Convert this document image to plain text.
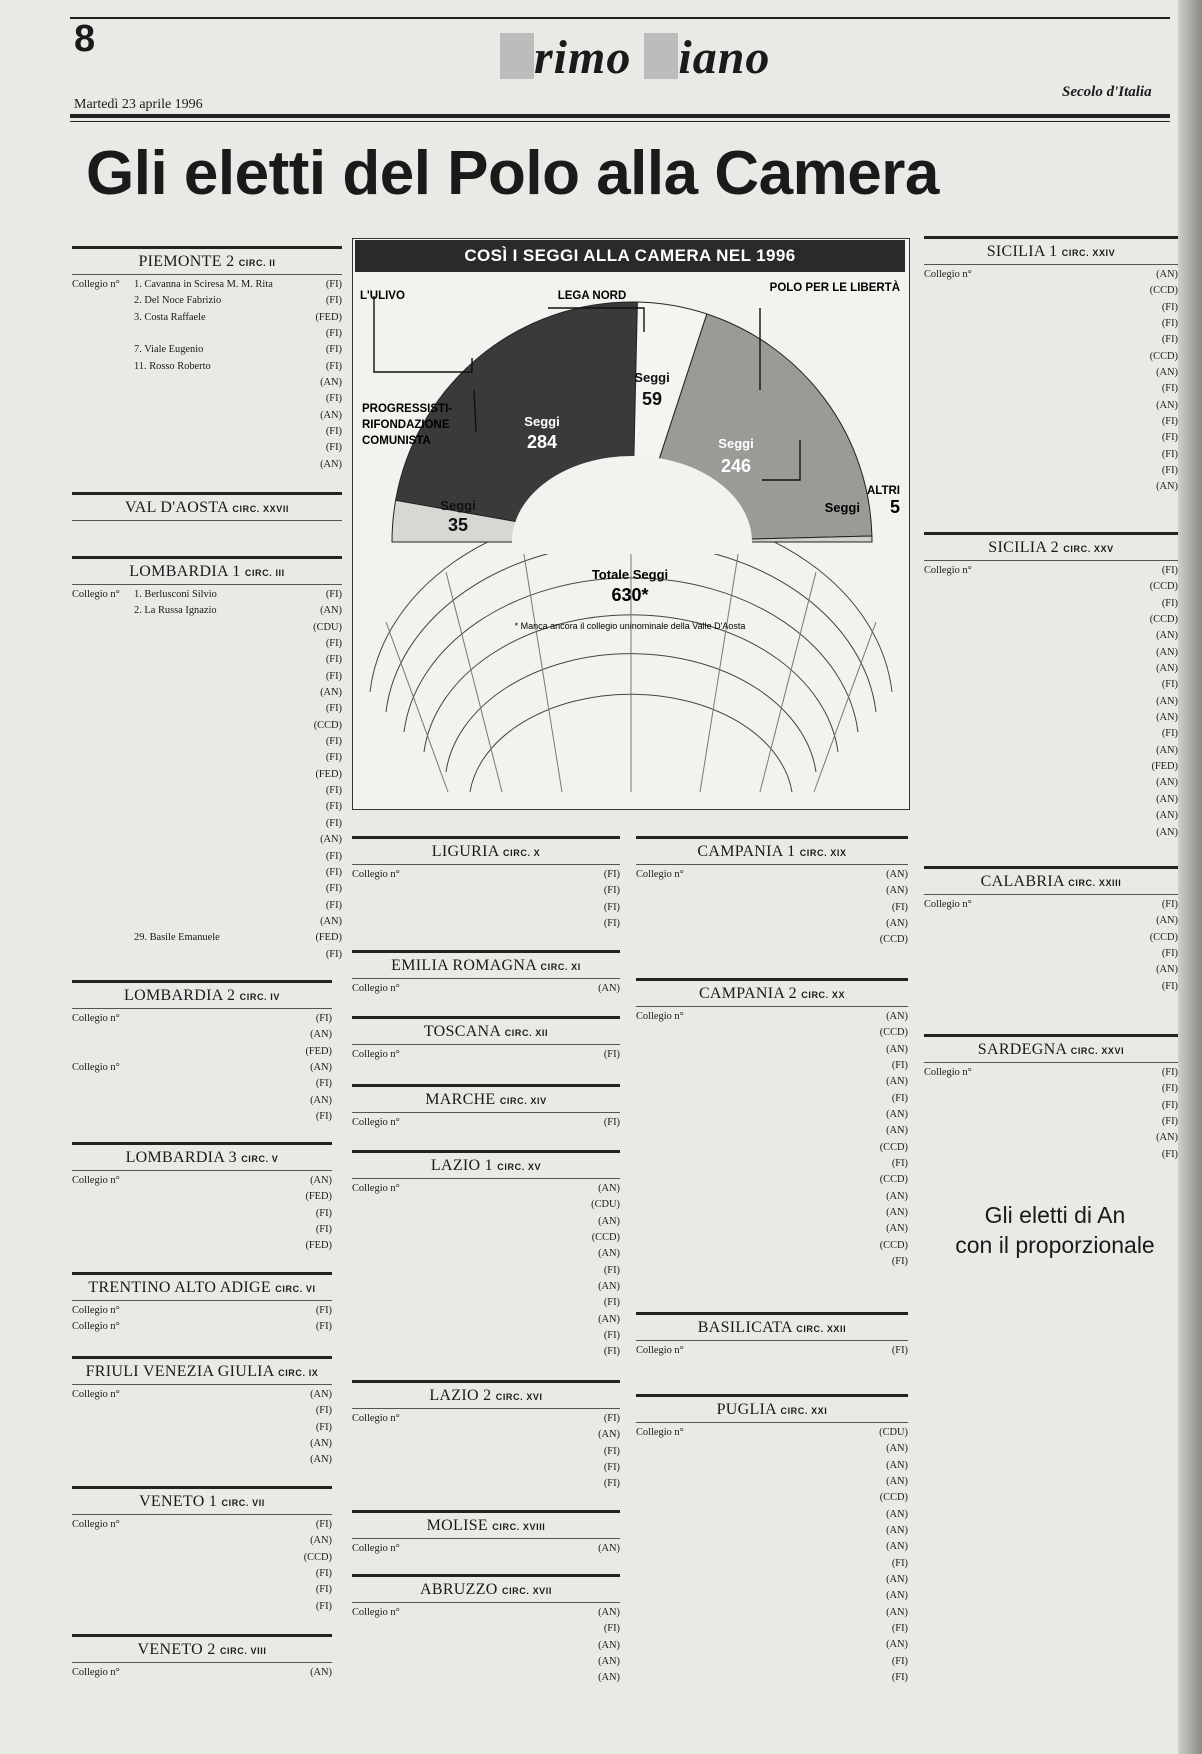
8	rimo iano
Martedì 23 aprile 1996
Secolo d'Italia
Gli eletti del Polo alla Camera
COSÌ I SEGGI ALLA CAMERA NEL 1996
L'ULIVO	LEGA NORD
POLO PER LE LIBERTÀ
PROGRESSISTI-
RIFONDAZIONE
COMUNISTA
ALTRI
Seggi
284
Seggi
59
Seggi
246
Seggi
35
Seggi 5
Totale Seggi
630*
* Manca ancora il collegio uninominale della Valle D'Aosta
PIEMONTE 2 CIRC. II
Collegio n°	1. Cavanna in Sciresa M. M. Rita	(FI)
2. Del Noce Fabrizio	(FI)
3. Costa Raffaele	(FED)
(FI)
7. Viale Eugenio	(FI)
11. Rosso Roberto	(FI)
(AN)
(FI)
(AN)
(FI)
(FI)
(AN)
VAL D'AOSTA CIRC. XXVII

LOMBARDIA 1 CIRC. III
Collegio n°	1. Berlusconi Silvio	(FI)
2. La Russa Ignazio	(AN)
(CDU)
(FI)
(FI)
(FI)
(AN)
(FI)
(CCD)
(FI)
(FI)
(FED)
(FI)
(FI)
(FI)
(AN)
(FI)
(FI)
(FI)
(FI)
(AN)
29. Basile Emanuele	(FED)
(FI)
LOMBARDIA 2 CIRC. IV
Collegio n°	(FI)
(AN)
(FED)
Collegio n°	(AN)
(FI)
(AN)
(FI)
LOMBARDIA 3 CIRC. V
Collegio n°	(AN)
(FED)
(FI)
(FI)
(FED)
TRENTINO ALTO ADIGE CIRC. VI
Collegio n°	(FI)
Collegio n°	(FI)
FRIULI VENEZIA GIULIA CIRC. IX
Collegio n°	(AN)
(FI)
(FI)
(AN)
(AN)
VENETO 1 CIRC. VII
Collegio n°	(FI)
(AN)
(CCD)
(FI)
(FI)
(FI)
VENETO 2 CIRC. VIII
Collegio n°	(AN)
LIGURIA CIRC. X
Collegio n°	(FI)
(FI)
(FI)
(FI)
EMILIA ROMAGNA CIRC. XI
Collegio n°	(AN)
TOSCANA CIRC. XII
Collegio n°	(FI)
MARCHE CIRC. XIV
Collegio n°	(FI)
LAZIO 1 CIRC. XV
Collegio n°	(AN)
(CDU)
(AN)
(CCD)
(AN)
(FI)
(AN)
(FI)
(AN)
(FI)
(FI)
LAZIO 2 CIRC. XVI
Collegio n°	(FI)
(AN)
(FI)
(FI)
(FI)
MOLISE CIRC. XVIII
Collegio n°	(AN)
ABRUZZO CIRC. XVII
Collegio n°	(AN)
(FI)
(AN)
(AN)
(AN)
CAMPANIA 1 CIRC. XIX
Collegio n°	(AN)
(AN)
(FI)
(AN)
(CCD)
CAMPANIA 2 CIRC. XX
Collegio n°	(AN)
(CCD)
(AN)
(FI)
(AN)
(FI)
(AN)
(AN)
(CCD)
(FI)
(CCD)
(AN)
(AN)
(AN)
(CCD)
(FI)
BASILICATA CIRC. XXII
Collegio n°	(FI)
PUGLIA CIRC. XXI
Collegio n°	(CDU)
(AN)
(AN)
(AN)
(CCD)
(AN)
(AN)
(AN)
(FI)
(AN)
(AN)
(AN)
(FI)
(AN)
(FI)
(FI)
SICILIA 1 CIRC. XXIV
Collegio n°	(AN)
(CCD)
(FI)
(FI)
(FI)
(CCD)
(AN)
(FI)
(AN)
(FI)
(FI)
(FI)
(FI)
(AN)
SICILIA 2 CIRC. XXV
Collegio n°	(FI)
(CCD)
(FI)
(CCD)
(AN)
(AN)
(AN)
(FI)
(AN)
(AN)
(FI)
(AN)
(FED)
(AN)
(AN)
(AN)
(AN)
CALABRIA CIRC. XXIII
Collegio n°	(FI)
(AN)
(CCD)
(FI)
(AN)
(FI)
SARDEGNA CIRC. XXVI
Collegio n°	(FI)
(FI)
(FI)
(FI)
(AN)
(FI)
Gli eletti di An
con il proporzionale
